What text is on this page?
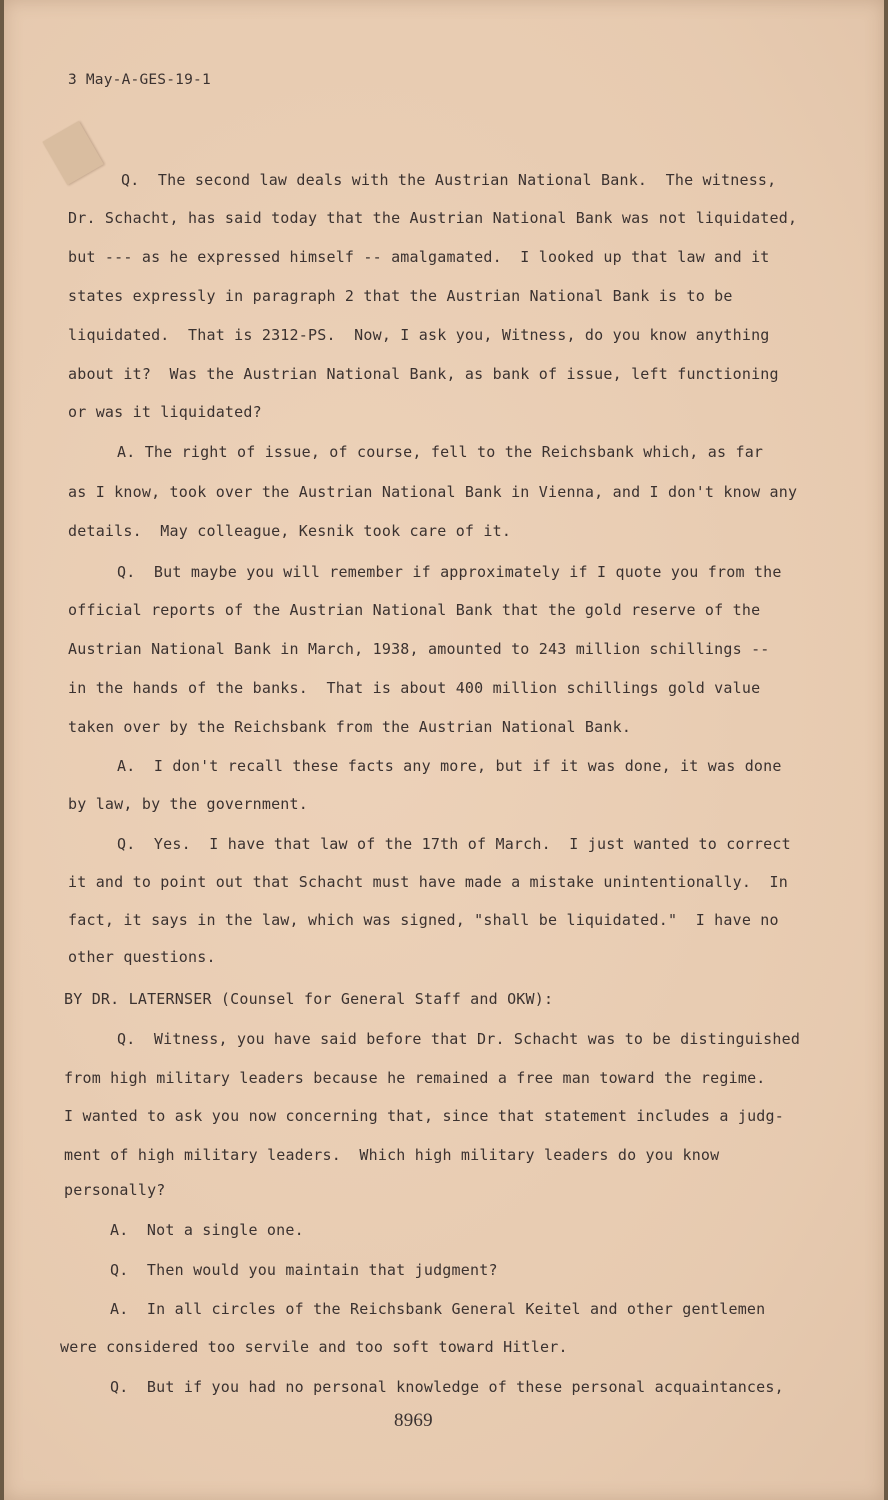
3 May-A-GES-19-1
Q.  The second law deals with the Austrian National Bank.  The witness,
Dr. Schacht, has said today that the Austrian National Bank was not liquidated,
but --- as he expressed himself -- amalgamated.  I looked up that law and it
states expressly in paragraph 2 that the Austrian National Bank is to be
liquidated.  That is 2312-PS.  Now, I ask you, Witness, do you know anything
about it?  Was the Austrian National Bank, as bank of issue, left functioning
or was it liquidated?
A. The right of issue, of course, fell to the Reichsbank which, as far
as I know, took over the Austrian National Bank in Vienna, and I don't know any
details.  May colleague, Kesnik took care of it.
Q.  But maybe you will remember if approximately if I quote you from the
official reports of the Austrian National Bank that the gold reserve of the
Austrian National Bank in March, 1938, amounted to 243 million schillings --
in the hands of the banks.  That is about 400 million schillings gold value
taken over by the Reichsbank from the Austrian National Bank.
A.  I don't recall these facts any more, but if it was done, it was done
by law, by the government.
Q.  Yes.  I have that law of the 17th of March.  I just wanted to correct
it and to point out that Schacht must have made a mistake unintentionally.  In
fact, it says in the law, which was signed, "shall be liquidated."  I have no
other questions.
BY DR. LATERNSER (Counsel for General Staff and OKW):
Q.  Witness, you have said before that Dr. Schacht was to be distinguished
from high military leaders because he remained a free man toward the regime.
I wanted to ask you now concerning that, since that statement includes a judg-
ment of high military leaders.  Which high military leaders do you know
personally?
A.  Not a single one.
Q.  Then would you maintain that judgment?
A.  In all circles of the Reichsbank General Keitel and other gentlemen
were considered too servile and too soft toward Hitler.
Q.  But if you had no personal knowledge of these personal acquaintances,
8969
